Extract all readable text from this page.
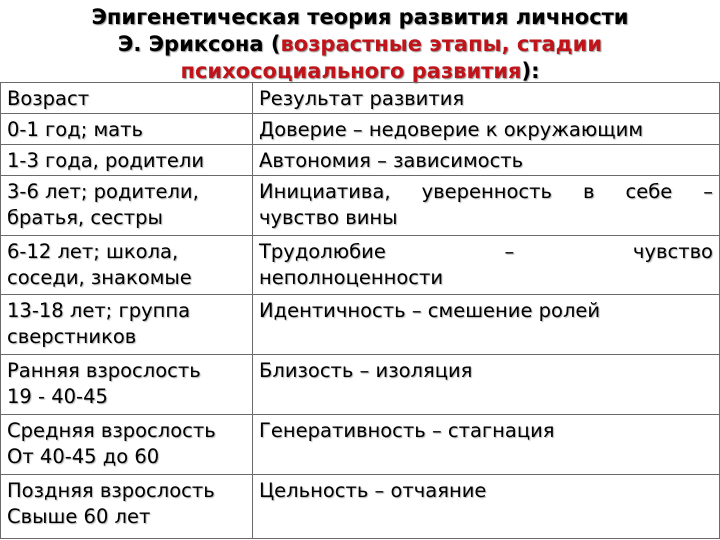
Эпигенетическая теория развития личности
Э. Эриксона (возрастные этапы, стадии
психосоциального развития):
Возраст	Результат развития

0-1 год; мать	Доверие – недоверие к окружающим

1-3 года, родители	Автономия – зависимость

3-6 лет; родители,
братья, сестры	Инициатива, уверенность в себе –
чувство вины

6-12 лет; школа,
соседи, знакомые	Трудолюбие – чувство
неполноценности

13-18 лет; группа
сверстников	Идентичность – смешение ролей

Ранняя взрослость
19 - 40-45	Близость – изоляция

Средняя взрослость
От 40-45 до 60	Генеративность – стагнация

Поздняя взрослость
Свыше 60 лет	Цельность – отчаяние
